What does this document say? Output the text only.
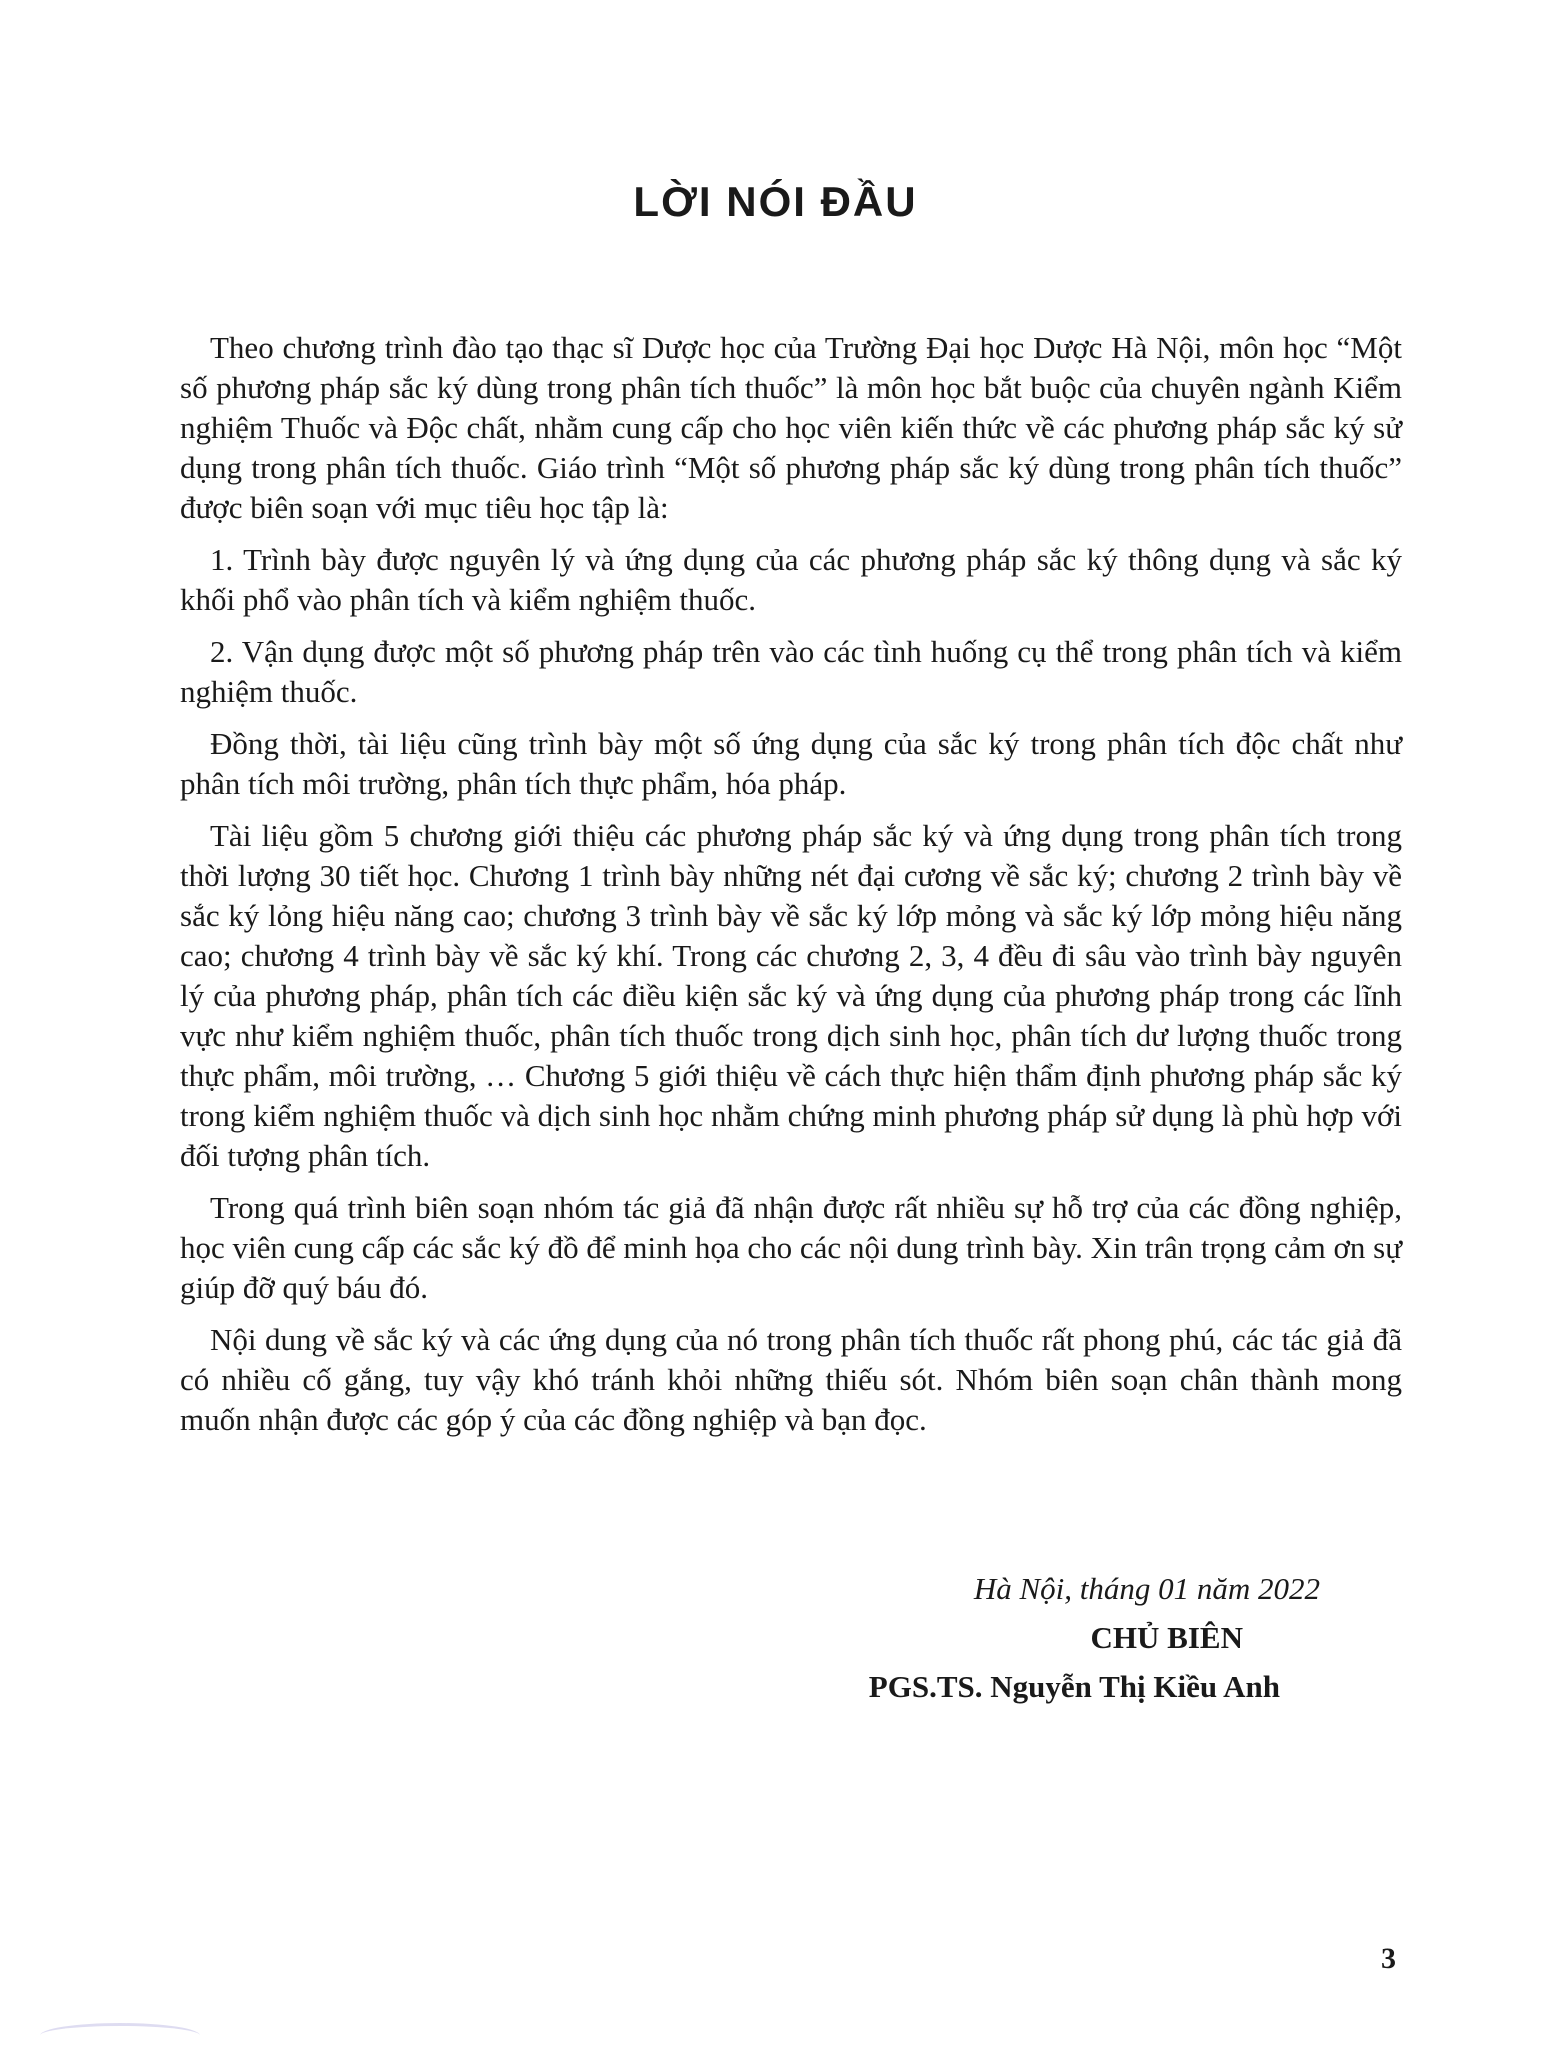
LỜI NÓI ĐẦU

Theo chương trình đào tạo thạc sĩ Dược học của Trường Đại học Dược Hà Nội, môn học “Một số phương pháp sắc ký dùng trong phân tích thuốc” là môn học bắt buộc của chuyên ngành Kiểm nghiệm Thuốc và Độc chất, nhằm cung cấp cho học viên kiến thức về các phương pháp sắc ký sử dụng trong phân tích thuốc. Giáo trình “Một số phương pháp sắc ký dùng trong phân tích thuốc” được biên soạn với mục tiêu học tập là:

1. Trình bày được nguyên lý và ứng dụng của các phương pháp sắc ký thông dụng và sắc ký khối phổ vào phân tích và kiểm nghiệm thuốc.

2. Vận dụng được một số phương pháp trên vào các tình huống cụ thể trong phân tích và kiểm nghiệm thuốc.

Đồng thời, tài liệu cũng trình bày một số ứng dụng của sắc ký trong phân tích độc chất như phân tích môi trường, phân tích thực phẩm, hóa pháp.

Tài liệu gồm 5 chương giới thiệu các phương pháp sắc ký và ứng dụng trong phân tích trong thời lượng 30 tiết học. Chương 1 trình bày những nét đại cương về sắc ký; chương 2 trình bày về sắc ký lỏng hiệu năng cao; chương 3 trình bày về sắc ký lớp mỏng và sắc ký lớp mỏng hiệu năng cao; chương 4 trình bày về sắc ký khí. Trong các chương 2, 3, 4 đều đi sâu vào trình bày nguyên lý của phương pháp, phân tích các điều kiện sắc ký và ứng dụng của phương pháp trong các lĩnh vực như kiểm nghiệm thuốc, phân tích thuốc trong dịch sinh học, phân tích dư lượng thuốc trong thực phẩm, môi trường, … Chương 5 giới thiệu về cách thực hiện thẩm định phương pháp sắc ký trong kiểm nghiệm thuốc và dịch sinh học nhằm chứng minh phương pháp sử dụng là phù hợp với đối tượng phân tích.

Trong quá trình biên soạn nhóm tác giả đã nhận được rất nhiều sự hỗ trợ của các đồng nghiệp, học viên cung cấp các sắc ký đồ để minh họa cho các nội dung trình bày. Xin trân trọng cảm ơn sự giúp đỡ quý báu đó.

Nội dung về sắc ký và các ứng dụng của nó trong phân tích thuốc rất phong phú, các tác giả đã có nhiều cố gắng, tuy vậy khó tránh khỏi những thiếu sót. Nhóm biên soạn chân thành mong muốn nhận được các góp ý của các đồng nghiệp và bạn đọc.

Hà Nội, tháng 01 năm 2022
CHỦ BIÊN
PGS.TS. Nguyễn Thị Kiều Anh
3
